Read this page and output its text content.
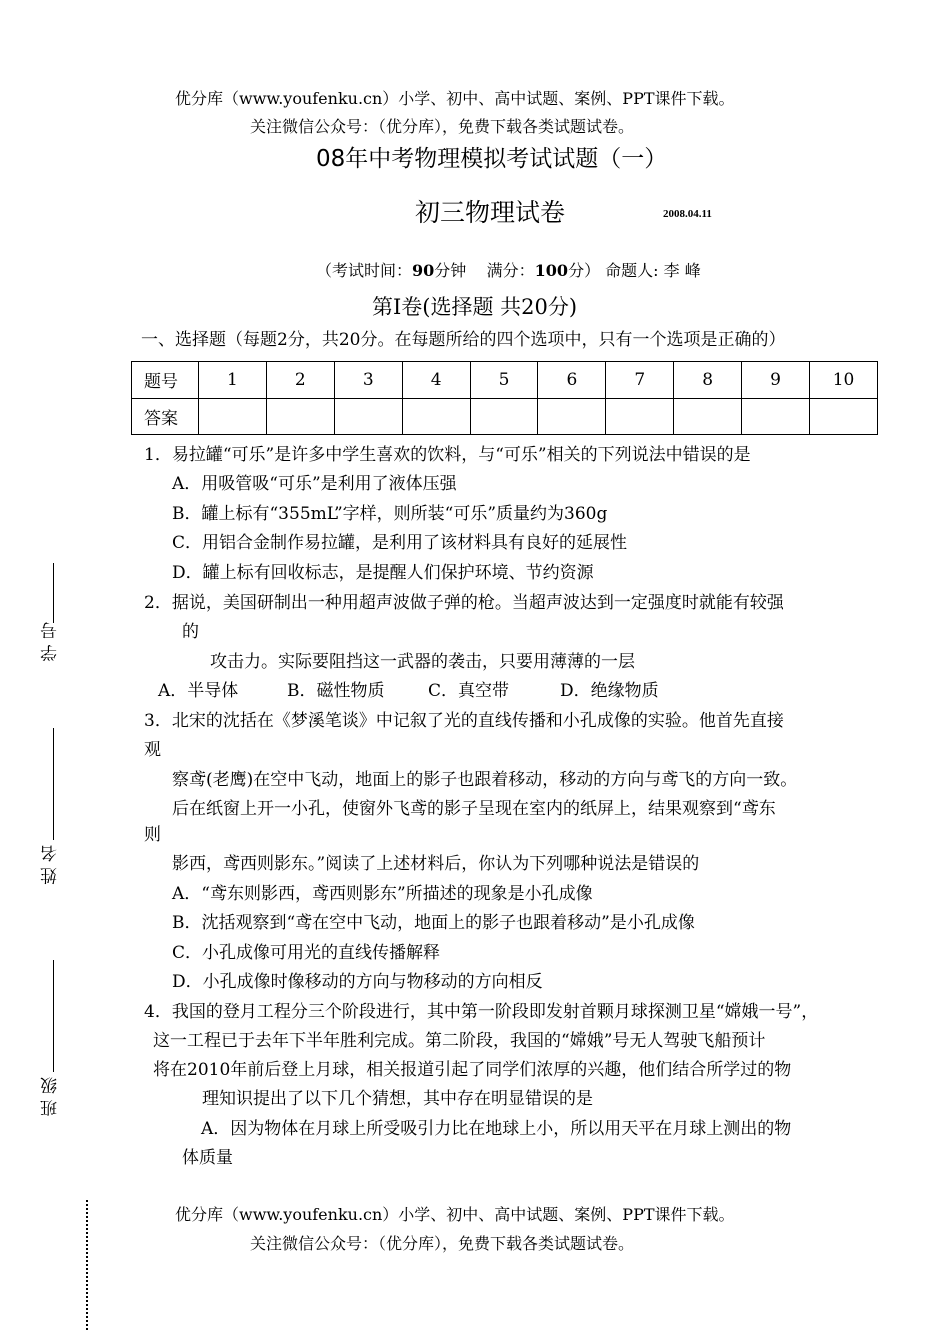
优分库（www.youfenku.cn）小学、初中、高中试题、案例、PPT课件下载。
关注微信公众号：（优分库），免费下载各类试题试卷。
08年中考物理模拟考试试题（一）
初三物理试卷	2008.04.11
（考试时间：90分钟 满分：100分） 命题人: 李 峰
第Ⅰ卷(选择题 共20分)
一、选择题（每题2分，共20分。在每题所给的四个选项中，只有一个选项是正确的）
题号	1	2	3	4	5	6	7	8	9	10
答案										
1．易拉罐“可乐”是许多中学生喜欢的饮料，与“可乐”相关的下列说法中错误的是
A．用吸管吸“可乐”是利用了液体压强
B．罐上标有“355mL”字样，则所装“可乐”质量约为360g
C．用铝合金制作易拉罐，是利用了该材料具有良好的延展性
D．罐上标有回收标志，是提醒人们保护环境、节约资源
2．据说，美国研制出一种用超声波做子弹的枪。当超声波达到一定强度时就能有较强
的
攻击力。实际要阻挡这一武器的袭击，只要用薄薄的一层
A．半导体	B．磁性物质	C．真空带	D．绝缘物质
3．北宋的沈括在《梦溪笔谈》中记叙了光的直线传播和小孔成像的实验。他首先直接
观
察鸢(老鹰)在空中飞动，地面上的影子也跟着移动，移动的方向与鸢飞的方向一致。
后在纸窗上开一小孔，使窗外飞鸢的影子呈现在室内的纸屏上，结果观察到“鸢东
则
影西，鸢西则影东。”阅读了上述材料后，你认为下列哪种说法是错误的
A．“鸢东则影西，鸢西则影东”所描述的现象是小孔成像
B．沈括观察到“鸢在空中飞动，地面上的影子也跟着移动”是小孔成像
C．小孔成像可用光的直线传播解释
D．小孔成像时像移动的方向与物移动的方向相反
4．我国的登月工程分三个阶段进行，其中第一阶段即发射首颗月球探测卫星“嫦娥一号”，
这一工程已于去年下半年胜利完成。第二阶段，我国的“嫦娥”号无人驾驶飞船预计
将在2010年前后登上月球，相关报道引起了同学们浓厚的兴趣，他们结合所学过的物
理知识提出了以下几个猜想，其中存在明显错误的是
A．因为物体在月球上所受吸引力比在地球上小，所以用天平在月球上测出的物
体质量
优分库（www.youfenku.cn）小学、初中、高中试题、案例、PPT课件下载。
关注微信公众号：（优分库），免费下载各类试题试卷。
学 号
姓 名
班 级
